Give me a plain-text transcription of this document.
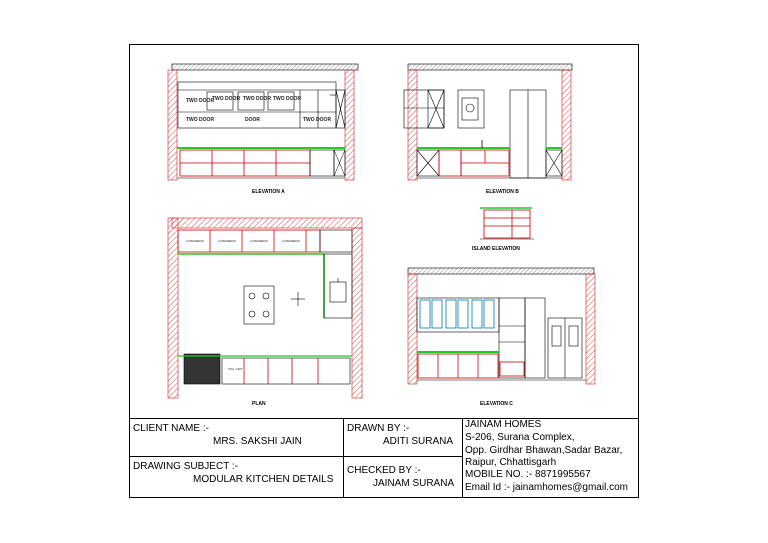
TWO DOOR
TWO DOOR TWO DOOR TWO DOOR
TWO DOOR	DOOR	TWO DOOR
ELEVATION A	ELEVATION B
ISLAND ELEVATION
2 DRAWERS	2 DRAWERS	2 DRAWERS	2 DRAWERS
TALL UNIT
PLAN	ELEVATION C
CLIENT NAME :-
MRS. SAKSHI JAIN
DRAWING SUBJECT :-
MODULAR KITCHEN DETAILS
DRAWN BY :-
ADITI SURANA
CHECKED BY :-
JAINAM SURANA
JAINAM HOMES
S-206, Surana Complex,
Opp. Girdhar Bhawan,Sadar Bazar,
Raipur, Chhattisgarh
MOBILE NO. :- 8871995567
Email Id :- jainamhomes@gmail.com
